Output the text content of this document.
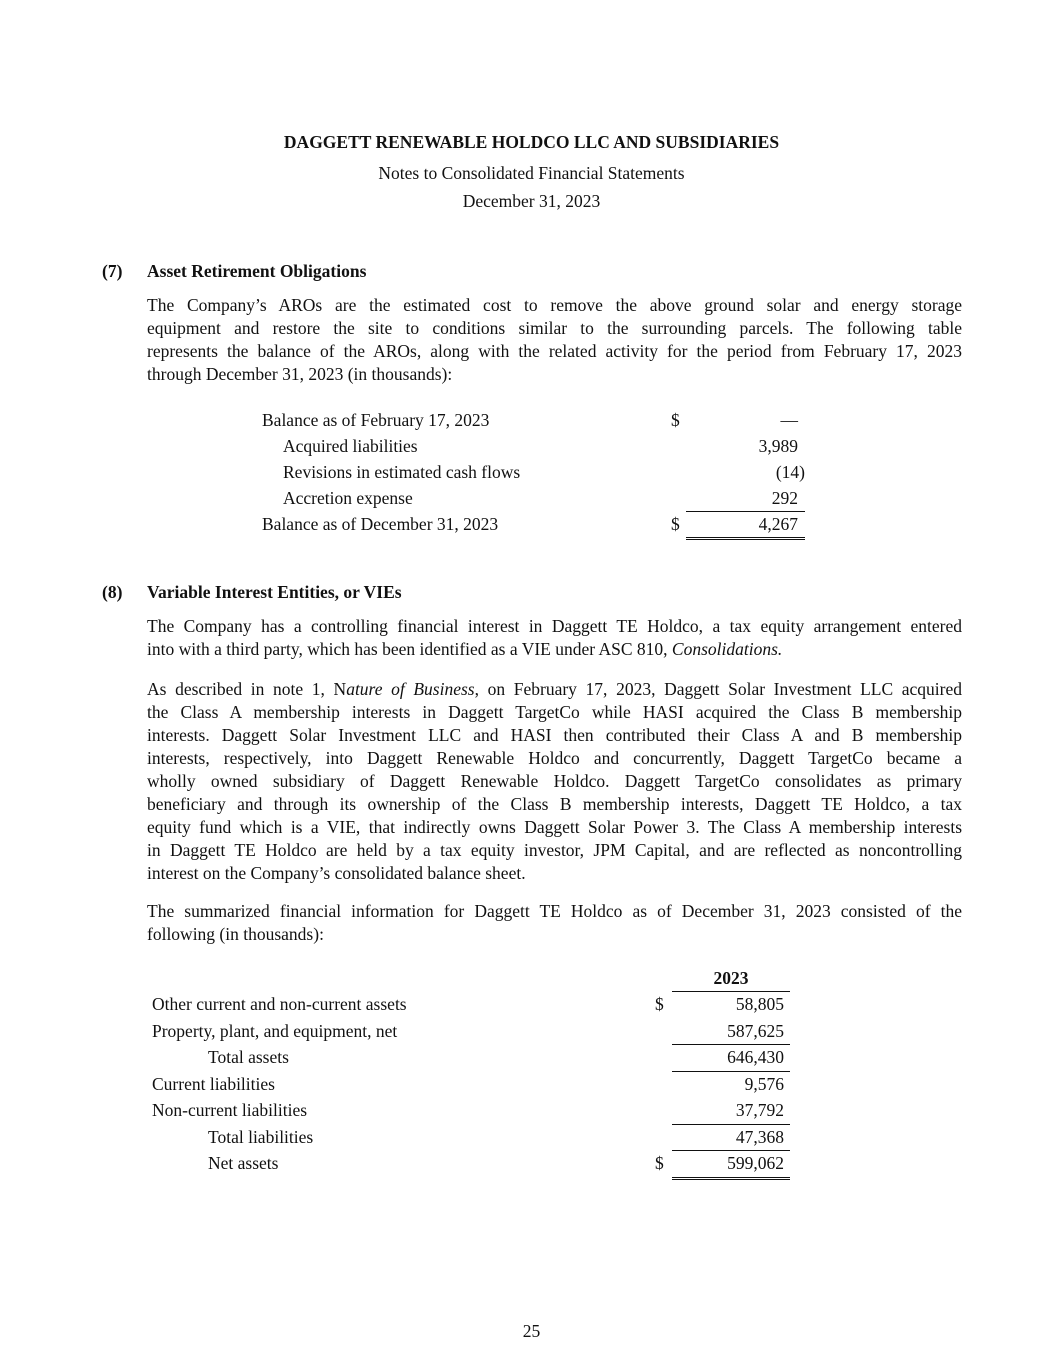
DAGGETT RENEWABLE HOLDCO LLC AND SUBSIDIARIES
Notes to Consolidated Financial Statements
December 31, 2023
(7) Asset Retirement Obligations
The Company’s AROs are the estimated cost to remove the above ground solar and energy storage
equipment and restore the site to conditions similar to the surrounding parcels. The following table
represents the balance of the AROs, along with the related activity for the period from February 17, 2023
through December 31, 2023 (in thousands):
Balance as of February 17, 2023	$	—
Acquired liabilities	3,989
Revisions in estimated cash flows	(14)
Accretion expense	292
Balance as of December 31, 2023	$	4,267
(8) Variable Interest Entities, or VIEs
The Company has a controlling financial interest in Daggett TE Holdco, a tax equity arrangement entered
into with a third party, which has been identified as a VIE under ASC 810, Consolidations.
As described in note 1, Nature of Business, on February 17, 2023, Daggett Solar Investment LLC acquired
the Class A membership interests in Daggett TargetCo while HASI acquired the Class B membership
interests. Daggett Solar Investment LLC and HASI then contributed their Class A and B membership
interests, respectively, into Daggett Renewable Holdco and concurrently, Daggett TargetCo became a
wholly owned subsidiary of Daggett Renewable Holdco. Daggett TargetCo consolidates as primary
beneficiary and through its ownership of the Class B membership interests, Daggett TE Holdco, a tax
equity fund which is a VIE, that indirectly owns Daggett Solar Power 3. The Class A membership interests
in Daggett TE Holdco are held by a tax equity investor, JPM Capital, and are reflected as noncontrolling
interest on the Company’s consolidated balance sheet.
The summarized financial information for Daggett TE Holdco as of December 31, 2023 consisted of the
following (in thousands):
2023
Other current and non-current assets	$	58,805
Property, plant, and equipment, net	587,625
Total assets	646,430
Current liabilities	9,576
Non-current liabilities	37,792
Total liabilities	47,368
Net assets	$	599,062
25
